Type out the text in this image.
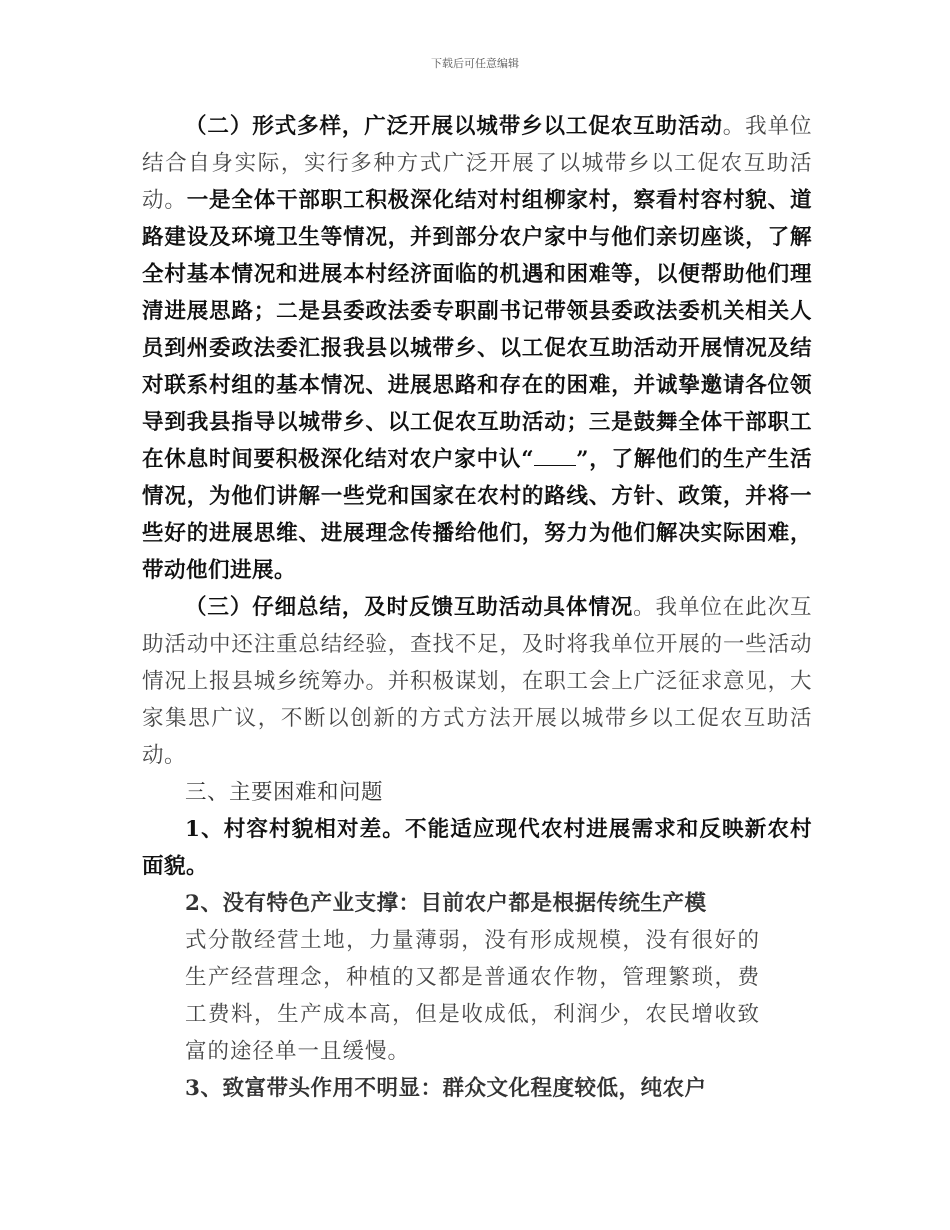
下载后可任意编辑

（二）形式多样，广泛开展以城带乡以工促农互助活动。我单位结合自身实际，实行多种方式广泛开展了以城带乡以工促农互助活动。一是全体干部职工积极深化结对村组柳家村，察看村容村貌、道路建设及环境卫生等情况，并到部分农户家中与他们亲切座谈，了解全村基本情况和进展本村经济面临的机遇和困难等，以便帮助他们理清进展思路；二是县委政法委专职副书记带领县委政法委机关相关人员到州委政法委汇报我县以城带乡、以工促农互助活动开展情况及结对联系村组的基本情况、进展思路和存在的困难，并诚挚邀请各位领导到我县指导以城带乡、以工促农互助活动；三是鼓舞全体干部职工在休息时间要积极深化结对农户家中认“ ”，了解他们的生产生活情况，为他们讲解一些党和国家在农村的路线、方针、政策，并将一些好的进展思维、进展理念传播给他们，努力为他们解决实际困难，带动他们进展。

（三）仔细总结，及时反馈互助活动具体情况。我单位在此次互助活动中还注重总结经验，查找不足，及时将我单位开展的一些活动情况上报县城乡统筹办。并积极谋划，在职工会上广泛征求意见，大家集思广议，不断以创新的方式方法开展以城带乡以工促农互助活动。

三、主要困难和问题

1、村容村貌相对差。不能适应现代农村进展需求和反映新农村面貌。

2、没有特色产业支撑：目前农户都是根据传统生产模

式分散经营土地，力量薄弱，没有形成规模，没有很好的生产经营理念，种植的又都是普通农作物，管理繁琐，费工费料，生产成本高，但是收成低，利润少，农民增收致富的途径单一且缓慢。

3、致富带头作用不明显：群众文化程度较低，纯农户
